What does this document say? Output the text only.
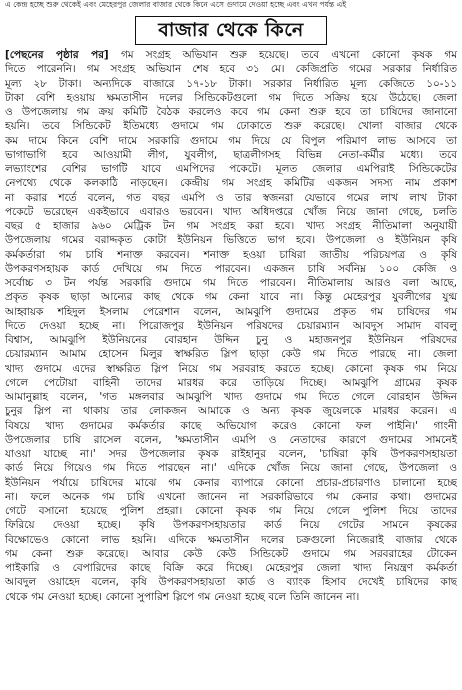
এ কেন্দ্র হচ্ছে শুরু থেকেই এবং মেহেরপুর জেলার বাজার থেকে কিনে এসে গুদামে দেওয়া হচ্ছে এবং এখন পর্যন্ত এই
বাজার থেকে কিনে
[পেছনের পৃষ্ঠার পর] গম সংগ্রহ অভিযান শুরু হয়েছে। তবে এখনো কোনো কৃষক গম
দিতে পারেননি। গম সংগ্রহ অভিযান শেষ হবে ৩১ মে। কেজিপ্রতি গমের সরকার নির্ধারিত
মূল্য ২৮ টাকা। অন্যদিকে বাজারে ১৭-১৮ টাকা। সরকার নির্ধারিত মূল্য কেজিতে ১০-১১
টাকা বেশি হওয়ায় ক্ষমতাসীন দলের সিন্ডিকেটগুলো গম দিতে সক্রিয় হয়ে উঠেছে। জেলা
ও উপজেলায় গম ক্রয় কমিটি বৈঠক করলেও কবে গম কেনা শুরু হবে তা চাষিদের জানানো
হয়নি। তবে সিন্ডিকেট ইতিমধ্যে গুদামে গম ঢোকাতে শুরু করেছে। খোলা বাজার থেকে
কম দামে কিনে বেশি দামে সরকারি গুদামে গম দিয়ে যে বিপুল পরিমাণ লাভ আসবে তা
ভাগাভাগি হবে আওয়ামী লীগ, যুবলীগ, ছাত্রলীগসহ বিভিন্ন নেতা-কর্মীর মধ্যে। তবে
লভ্যাংশের বেশির ভাগটি যাবে এমপিদের পকেটে। মূলত জেলার এমপিরাই সিন্ডিকেটের
নেপথ্যে থেকে কলকাঠি নাড়ছেন। কেন্দ্রীয় গম সংগ্রহ কমিটির একজন সদস্য নাম প্রকাশ
না করার শর্তে বলেন, গত বছর এমপি ও তার স্বজনরা যেভাবে গমের লাখ লাখ টাকা
পকেটে ভরেছেন একইভাবে এবারও ভরবেন। খাদ্য অধিদপ্তরে খোঁজ নিয়ে জানা গেছে, চলতি
বছর ৫ হাজার ৯৬০ মেট্রিক টন গম সংগ্রহ করা হবে। খাদ্য সংগ্রহ নীতিমালা অনুযায়ী
উপজেলায় গমের বরাদ্দকৃত কোটা ইউনিয়ন ভিত্তিতে ভাগ হবে। উপজেলা ও ইউনিয়ন কৃষি
কর্মকর্তারা গম চাষি শনাক্ত করবেন। শনাক্ত হওয়া চাষিরা জাতীয় পরিচয়পত্র ও কৃষি
উপকরণসহায়ক কার্ড দেখিয়ে গম দিতে পারবেন। একজন চাষি সর্বনিম্ন ১০০ কেজি ও
সর্বোচ্চ ৩ টন পর্যন্ত সরকারি গুদামে গম দিতে পারবেন। নীতিমালায় আরও বলা আছে,
প্রকৃত কৃষক ছাড়া আন্যের কাছ থেকে গম কেনা যাবে না। কিন্তু মেহেরপুর যুবলীগের যুগ্ম
আহ্বায়ক শহিদুল ইসলাম পেরেশান বলেন, আমঝুপি গুদামের প্রকৃত গম চাষিদের গম
দিতে দেওয়া হচ্ছে না। পিরোজপুর ইউনিয়ন পরিষদের চেয়ারম্যান আবদুস সামাদ বাবলু
বিশ্বাস, আমঝুপি ইউনিয়নের বোরহান উদ্দিন চুনু ও মহাজনপুর ইউনিয়ন পরিষদের
চেয়ারম্যান আমাম হোসেন মিলুর স্বাক্ষরিত স্লিপ ছাড়া কেউ গম দিতে পারছে না। জেলা
খাদ্য গুদামে এদের স্বাক্ষরিত স্লিপ নিয়ে গম সরবরাহ করতে হচ্ছে। কোনো কৃষক গম নিয়ে
গেলে পেটোয়া বাহিনী তাদের মারধর করে তাড়িয়ে দিচ্ছে। আমঝুপি গ্রামের কৃষক
আমানুল্লাহ বলেন, 'গত মঙ্গলবার আমঝুপি খাদ্য গুদামে গম দিতে গেলে বোরহান উদ্দিন
চুনুর স্লিপ না থাকায় তার লোকজন আমাকে ও অন্য কৃষক জুয়েলকে মারধর করেন। এ
বিষয়ে খাদ্য গুদামের কর্মকর্তার কাছে অভিযোগ করেও কোনো ফল পাইনি।' গাংনী
উপজেলার চাষি রাসেল বলেন, 'ক্ষমতাসীন এমপি ও নেতাদের কারণে গুদামের সামনেই
যাওয়া যাচ্ছে না।' সদর উপজেলার কৃষক রাইহানুর বলেন, 'চাষিরা কৃষি উপকরণসহায়তা
কার্ড নিয়ে গিয়েও গম দিতে পারছেন না।' এদিকে খোঁজ নিয়ে জানা গেছে, উপজেলা ও
ইউনিয়ন পর্যায়ে চাষিদের মাঝে গম কেনার ব্যাপারে কোনো প্রচার-প্রচারণাও চালানো হচ্ছে
না। ফলে অনেক গম চাষি এখনো জানেন না সরকারিভাবে গম কেনার কথা। গুদামের
গেটে বসানো হয়েছে পুলিশ প্রহরা। কোনো কৃষক গম নিয়ে গেলে পুলিশ দিয়ে তাদের
ফিরিয়ে দেওয়া হচ্ছে। কৃষি উপকরণসহায়তার কার্ড নিয়ে গেটের সামনে কৃষকের
বিক্ষোভেও কোনো লাভ হয়নি। এদিকে ক্ষমতাসীন দলের চক্রগুলো নিজেরাই বাজার থেকে
গম কেনা শুরু করেছে। আবার কেউ কেউ সিন্ডিকেট গুদামে গম সরবরাহের টোকেন
পাইকারি ও বেপারিদের কাছে বিক্রি করে দিচ্ছে। মেহেরপুর জেলা খাদ্য নিয়ন্ত্রণ কর্মকর্তা
আবদুল ওয়াহেদ বলেন, কৃষি উপকরণসহায়তা কার্ড ও ব্যাংক হিসাব দেখেই চাষিদের কাছ
থেকে গম নেওয়া হচ্ছে। কোনো সুপারিশ স্লিপে গম নেওয়া হচ্ছে বলে তিনি জানেন না।
